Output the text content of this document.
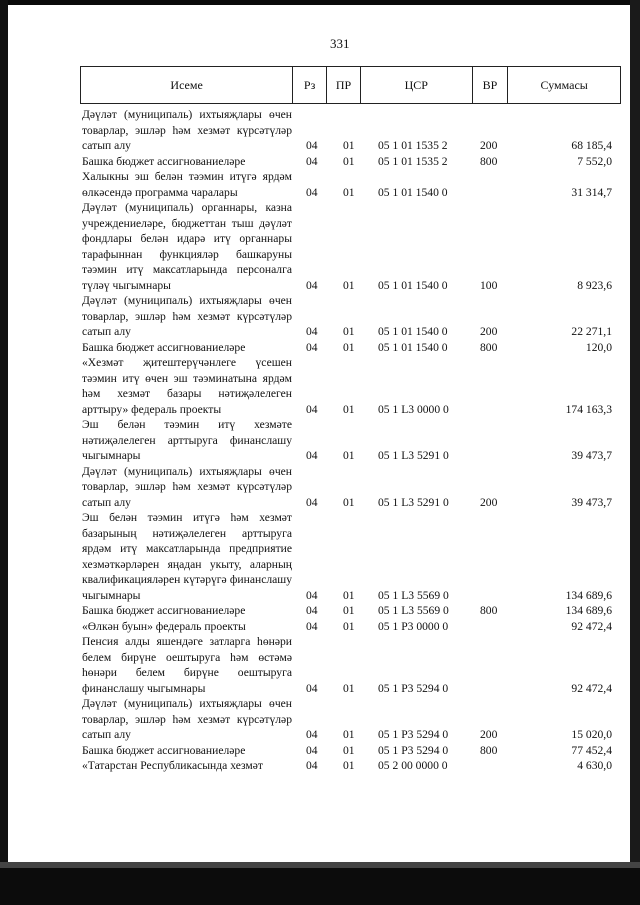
331
Исеме	Рз	ПР	ЦСР	ВР	Суммасы
Дәүләт (муниципаль) ихтыяҗлары өчен товарлар, эшләр һәм хезмәт күрсәтүләр сатып алу	04 01 05 1 01 1535 2	200	68 185,4
Башка бюджет ассигнованиеләре	04 01 05 1 01 1535 2	800	7 552,0
Халыкны эш белән тәэмин итүгә ярдәм өлкәсендә программа чаралары	04 01 05 1 01 1540 0	31 314,7
Дәүләт (муниципаль) органнары, казна учреждениеләре, бюджеттан тыш дәүләт фондлары белән идарә итү органнары тарафыннан функцияләр башкаруны тәэмин итү максатларында персоналга түләү чыгымнары	04 01 05 1 01 1540 0	100	8 923,6
Дәүләт (муниципаль) ихтыяҗлары өчен товарлар, эшләр һәм хезмәт күрсәтүләр сатып алу	04 01 05 1 01 1540 0	200	22 271,1
Башка бюджет ассигнованиеләре	04 01 05 1 01 1540 0	800	120,0
«Хезмәт җитештерүчәнлеге үсешен тәэмин итү өчен эш тәэминатына ярдәм һәм хезмәт базары нәтиҗәлелеген арттыру» федераль проекты	04 01 05 1 L3 0000 0	174 163,3
Эш белән тәэмин итү хезмәте нәтиҗәлелеген арттыруга финанслашу чыгымнары	04 01 05 1 L3 5291 0	39 473,7
Дәүләт (муниципаль) ихтыяҗлары өчен товарлар, эшләр һәм хезмәт күрсәтүләр сатып алу	04 01 05 1 L3 5291 0	200	39 473,7
Эш белән тәэмин итүгә һәм хезмәт базарының нәтиҗәлелеген арттыруга ярдәм итү максатларында предприятие хезмәткәрләрен яңадан укыту, аларның квалификацияләрен күтәрүгә финанслашу чыгымнары	04 01 05 1 L3 5569 0	134 689,6
Башка бюджет ассигнованиеләре	04 01 05 1 L3 5569 0	800	134 689,6
«Өлкән буын» федераль проекты	04 01 05 1 P3 0000 0	92 472,4
Пенсия алды яшендәге затларга һөнәри белем бирүне оештыруга һәм өстәмә һөнәри белем бирүне оештыруга финанслашу чыгымнары	04 01 05 1 P3 5294 0	92 472,4
Дәүләт (муниципаль) ихтыяҗлары өчен товарлар, эшләр һәм хезмәт күрсәтүләр сатып алу	04 01 05 1 P3 5294 0	200	15 020,0
Башка бюджет ассигнованиеләре	04 01 05 1 P3 5294 0	800	77 452,4
«Татарстан Республикасында хезмәт	04 01 05 2 00 0000 0	4 630,0
